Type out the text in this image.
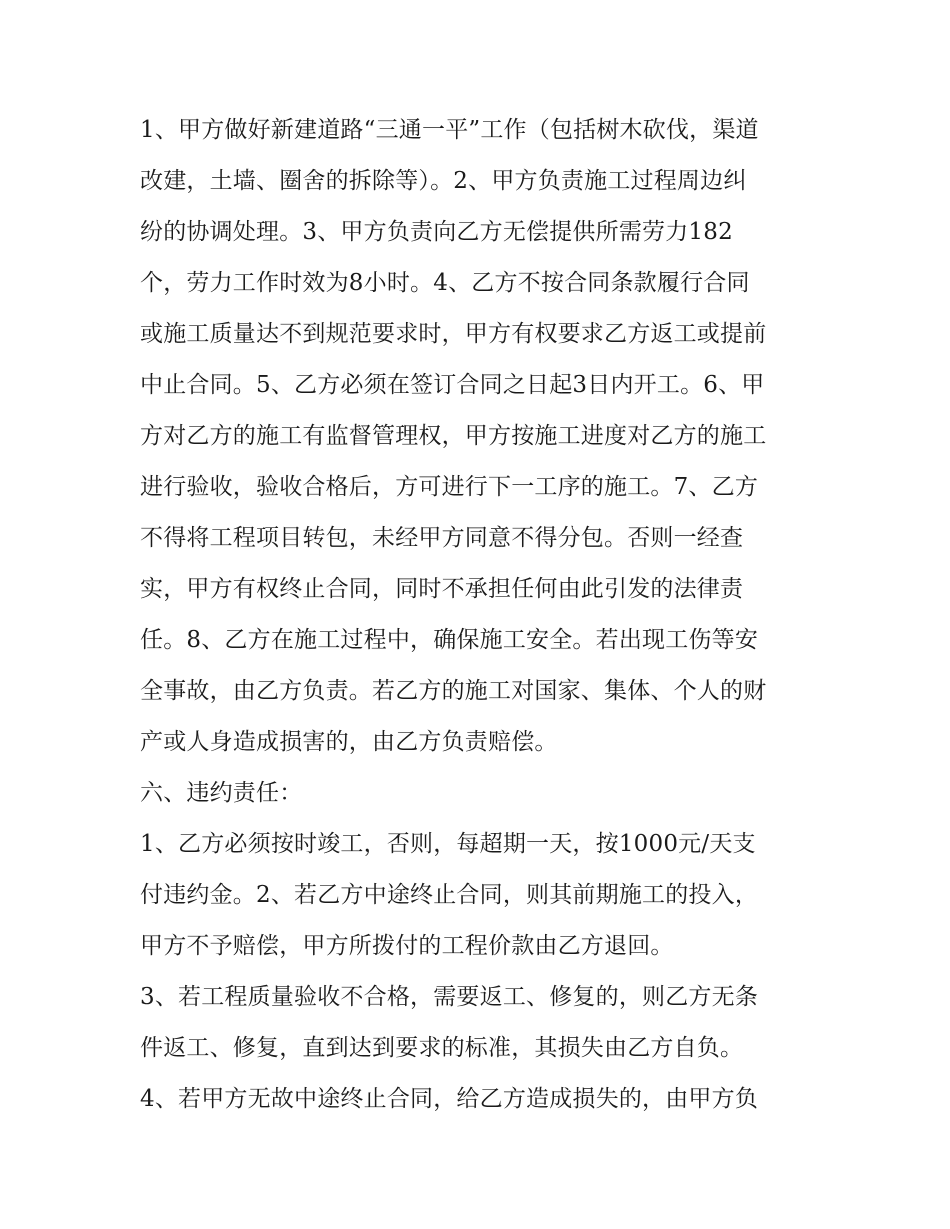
1、甲方做好新建道路“三通一平”工作（包括树木砍伐，渠道
改建，土墙、圈舍的拆除等）。2、甲方负责施工过程周边纠
纷的协调处理。3、甲方负责向乙方无偿提供所需劳力182
个，劳力工作时效为8小时。4、乙方不按合同条款履行合同
或施工质量达不到规范要求时，甲方有权要求乙方返工或提前
中止合同。5、乙方必须在签订合同之日起3日内开工。6、甲
方对乙方的施工有监督管理权，甲方按施工进度对乙方的施工
进行验收，验收合格后，方可进行下一工序的施工。7、乙方
不得将工程项目转包，未经甲方同意不得分包。否则一经查
实，甲方有权终止合同，同时不承担任何由此引发的法律责
任。8、乙方在施工过程中，确保施工安全。若出现工伤等安
全事故，由乙方负责。若乙方的施工对国家、集体、个人的财
产或人身造成损害的，由乙方负责赔偿。
六、违约责任：
1、乙方必须按时竣工，否则，每超期一天，按1000元/天支
付违约金。2、若乙方中途终止合同，则其前期施工的投入，
甲方不予赔偿，甲方所拨付的工程价款由乙方退回。
3、若工程质量验收不合格，需要返工、修复的，则乙方无条
件返工、修复，直到达到要求的标准，其损失由乙方自负。
4、若甲方无故中途终止合同，给乙方造成损失的，由甲方负
